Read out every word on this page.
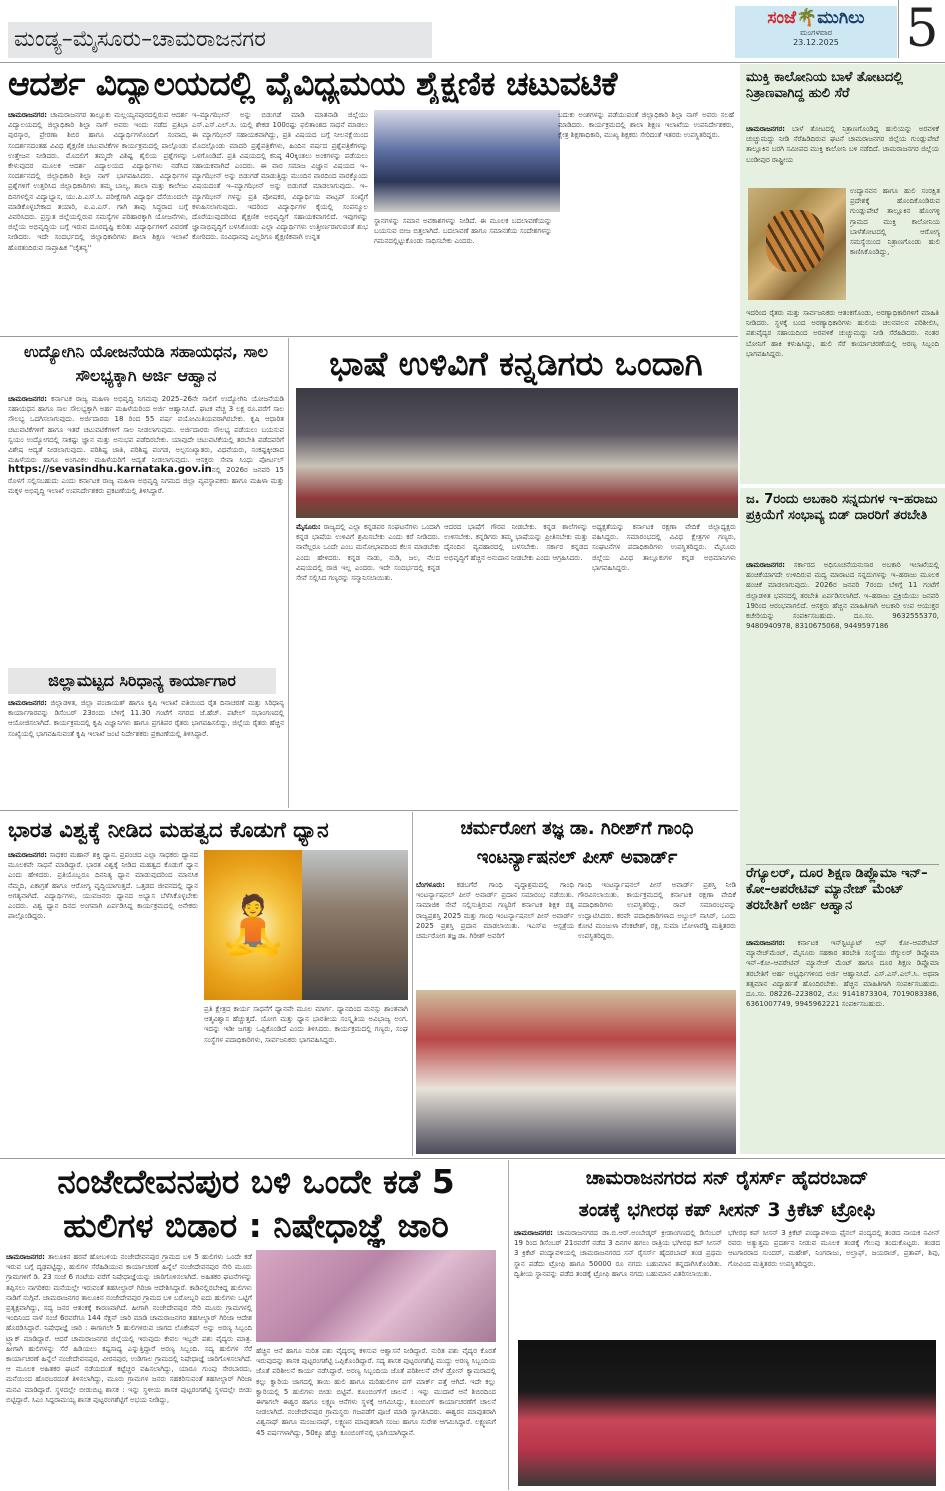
ಮಂಡ್ಯ–ಮೈಸೂರು–ಚಾಮರಾಜನಗರ
ಸಂಜೆ🌴ಮುಗಿಲು
ಮಂಗಳವಾರ
23.12.2025	5
ಆದರ್ಶ ವಿದ್ಯಾಲಯದಲ್ಲಿ ವೈವಿಧ್ಯಮಯ ಶೈಕ್ಷಣಿಕ ಚಟುವಟಿಕೆ
ಚಾಮರಾಜನಗರ: ಚಾಮರಾಜನಗರ ತಾಲ್ಲೂಕು ಮಲ್ಲಯ್ಯನಪುರದಲ್ಲಿರುವ ಆದರ್ಶ ವಿದ್ಯಾಲಯದಲ್ಲಿ ಜಿಲ್ಲಾಧಿಕಾರಿ ಶಿಲ್ಪಾ ನಾಗ್ ಅವರು ಇಂದು ನಡೆದ ಪ್ರತಿಭಾ ಪುರಸ್ಕಾರ, ಪ್ರೇರಣಾ ಶಿಬಿರ ಹಾಗೂ ವಿದ್ಯಾರ್ಥಿಗಳೊಂದಿಗೆ ಸಂವಾದ, ಸಂದರ್ಶನದಂತಹ ವಿವಿಧ ಶೈಕ್ಷಣಿಕ ಚಟುವಟಿಕೆಗಳ ಕಾರ್ಯಕ್ರಮದಲ್ಲಿ ಪಾಲ್ಗೊಂಡು ಉತ್ತೇಜನ ನೀಡಿದರು. ಮೊದಲಿಗೆ ತಮ್ಮದೇ ವಿಶಿಷ್ಟ ಶೈಲಿಯ ಪ್ರಶ್ನೆಗಳನ್ನು ಕೇಳುವುದರ ಮೂಲಕ ಆದರ್ಶ ವಿದ್ಯಾಲಯದ ವಿದ್ಯಾರ್ಥಿಗಳು ನಡೆಸಿದ ಸಂದರ್ಶನದಲ್ಲಿ ಜಿಲ್ಲಾಧಿಕಾರಿ ಶಿಲ್ಪಾ ನಾಗ್ ಭಾಗವಹಿಸಿದರು. ವಿದ್ಯಾರ್ಥಿಗಳ ಪ್ರಶ್ನೆಗಳಿಗೆ ಉತ್ತರಿಸಿದ ಜಿಲ್ಲಾಧಿಕಾರಿಗಳು ತಮ್ಮ ಬಾಲ್ಯ, ಶಾಲಾ ಮತ್ತು ಕಾಲೇಜು ದಿನಗಳಲ್ಲಿನ ವಿದ್ಯಾಭ್ಯಾಸ, ಯು.ಪಿ.ಎಸ್.ಸಿ. ಪರೀಕ್ಷೆಗಾಗಿ ವಿದ್ಯಾರ್ಥಿ ದೆಸೆಯಿಂದಲೇ ಮಾಡಿಕೊಳ್ಳಬೇಕಾದ ತಯಾರಿ, ಐ.ಎ.ಎಸ್. ಗಾಗಿ ತಾವು ಸಿದ್ಧರಾದ ಬಗ್ಗೆ ವಿವರಿಸಿದರು. ಪ್ರಸ್ತುತ ಜಿಲ್ಲೆಯಲ್ಲಿರುವ ಸಮಸ್ಯೆಗಳ ಪರಿಹಾರಕ್ಕಾಗಿ ಯೋಜನೆಗಳು, ಜಿಲ್ಲೆಯ ಅಭಿವೃದ್ಧಿಯ ಬಗ್ಗೆ ಇರುವ ದೂರದೃಷ್ಟಿ ಕುರಿತು ವಿದ್ಯಾರ್ಥಿಗಳಿಗೆ ವಿವರಣೆ ನೀಡಿದರು. ಇದೇ ಸಂದರ್ಭದಲ್ಲಿ ಜಿಲ್ಲಾಧಿಕಾರಿಗಳು ಶಾಲಾ ಶಿಕ್ಷಣ ಇಲಾಖೆ ಹೊರತಂದಿರುವ ಸಾಪ್ತಾಹಿಕ ''ಚೈತನ್ಯ''
ಇ–ಮ್ಯಾಗಝೀನ್ ಅನ್ನು ಬಿಡುಗಡೆ ಮಾಡಿ ಮಾತನಾಡಿ ಜಿಲ್ಲೆಯು ಎಸ್.ಎಸ್.ಎಲ್.ಸಿ. ಯಲ್ಲಿ ಶೇಕಡ 100ರಷ್ಟು ಫಲಿತಾಂಶದ ಸಾಧನೆ ಮಾಡಲು ಈ ಮ್ಯಾಗಝೀನ್ ಸಹಾಯಕವಾಗಿದ್ದು, ಪ್ರತಿ ವಿಷಯದ ಬಗ್ಗೆ ನೀಲನಕ್ಷೆಯಿಂದ ಮೊದಲ್ಗೊಂಡು ಮಾದರಿ ಪ್ರಶ್ನೆಪತ್ರಿಕೆಗಳು, ಹಿಂದಿನ ವರ್ಷದ ಪ್ರಶ್ನೆಪತ್ರಿಕೆಗಳನ್ನು ಒಳಗೊಂಡಿದೆ. ಪ್ರತಿ ವಿಷಯದಲ್ಲಿ ಕನಿಷ್ಠ 40ಕ್ಕಿಂತಲು ಅಂಕಗಳನ್ನು ಪಡೆಯಲು ಸಹಾಯಕವಾಗಿದೆ ಎಂದರು. ಈ ವಾರ ಸಮಾಜ ವಿಜ್ಞಾನ ವಿಷಯದ ಇ–ಮ್ಯಾಗಝೀನ್ ಅನ್ನು ಬಿಡುಗಡೆ ಮಾಡುತ್ತಿದ್ದು ಮುಂದಿನ ವಾರದಿಂದ ವಾರಕ್ಕೊಂದು ವಿಷಯದಂತೆ ಇ–ಮ್ಯಾಗಝೀನ್ ಅನ್ನು ಬಿಡುಗಡೆ ಮಾಡಲಾಗುವುದು. ಇ–ಮ್ಯಾಗಝೀನ್ ಗಳನ್ನು ಪ್ರತಿ ಪೋಷಕರ, ವಿದ್ಯಾರ್ಥಿಯ ವಾಟ್ಸಪ್ ಸಂಖ್ಯೆಗೆ ಕಳುಹಿಸಲಾಗುವುದು. ಇದರಿಂದ ವಿದ್ಯಾರ್ಥಿಗಳ ಕೈಯಲ್ಲಿ ಸಂಪನ್ಮೂಲ ದೊರೆಯುವುದರಿಂದ ಶೈಕ್ಷಣಿಕ ಅಭಿವೃದ್ಧಿಗೆ ಸಹಾಯಕವಾಗಲಿದೆ. ಇವುಗಳನ್ನು ಜ್ಞಾನಾಭಿವೃದ್ಧಿಗೆ ಬಳಸಿಕೊಂಡು ಎಲ್ಲಾ ವಿದ್ಯಾರ್ಥಿಗಳು ಉತ್ತೀರ್ಣರಾಗುವಂತೆ ಶುಭ ಕೋರಿದರು. ಸಂವಿಧಾನವು ಎಲ್ಲರಿಗೂ ಶೈಕ್ಷಣಿಕವಾಗಿ ಉನ್ನತ
ಸ್ಥಾನಗಳನ್ನು ಸಮಾನ ಅವಕಾಶಗಳನ್ನು ನೀಡಿದೆ. ಈ ಮೂಲಕ ಬದಲಾವಣೆಯನ್ನು ಬಯಸುವ ಬೀಜ ಬಿತ್ತಲಾಗಿದೆ. ಬದಲಾವಣೆ ಹಾಗೂ ಸಮಾನತೆಯ ಸಂದೇಶಗಳನ್ನು ಗಮನದಲ್ಲಿಟ್ಟುಕೊಂಡು ಸಾಧಿಸಬೇಕು ಎಂದರು.
ಬದುಕು ಅಂಶಗಳನ್ನು ಪಡೆಯುವಂತೆ ಜಿಲ್ಲಾಧಿಕಾರಿ ಶಿಲ್ಪಾ ನಾಗ್ ಅವರು ಸಲಹೆ ಮಾಡಿದರು. ಕಾರ್ಯಕ್ರಮದಲ್ಲಿ ಶಾಲಾ ಶಿಕ್ಷಣ ಇಲಾಖೆಯ ಉಪನಿರ್ದೇಶಕರು, ಕ್ಷೇತ್ರ ಶಿಕ್ಷಣಾಧಿಕಾರಿ, ಮುಖ್ಯ ಶಿಕ್ಷಕರು ಸೇರಿದಂತೆ ಇತರರು ಉಪಸ್ಥಿತರಿದ್ದರು.
ಮುಕ್ತಿ ಕಾಲೋನಿಯ ಬಾಳೆ ತೋಟದಲ್ಲಿ ನಿತ್ರಾಣವಾಗಿದ್ದ ಹುಲಿ ಸೆರೆ
ಚಾಮರಾಜನಗರ: ಬಾಳೆ ತೋಟದಲ್ಲಿ ನಿತ್ರಾಣಗೊಂಡಿದ್ದ ಹುಲಿಯನ್ನು ಅರವಳಿಕೆ ಚುಚ್ಚುಮದ್ದು ನೀಡಿ ಸೆರೆಹಿಡಿದಿರುವ ಘಟನೆ ಚಾಮರಾಜನಗರ ಜಿಲ್ಲೆಯ ಗುಂಡ್ಲುಪೇಟೆ ತಾಲ್ಲೂಕಿನ ಬರಗಿ ಸಮೀಪದ ಮುಕ್ತಿ ಕಾಲೋನಿ ಬಳಿ ನಡೆದಿದೆ. ಚಾಮರಾಜನಗರ ಜಿಲ್ಲೆಯ ಬಂಡೀಪುರ ರಾಷ್ಟ್ರೀಯ
ಉದ್ಯಾನವನ ಹಾಗೂ ಹುಲಿ ಸಂರಕ್ಷಿತ ಪ್ರದೇಶಕ್ಕೆ ಹೊಂದಿಕೊಂಡಿರುವ ಗುಂಡ್ಲುಪೇಟೆ ತಾಲ್ಲೂಕಿನ ಹೊಂಗಳ್ಳಿ ಗ್ರಾಮದ ಮುಕ್ತಿ ಕಾಲೋನಿಯ ಬಾಳೆತೋಟದಲ್ಲಿ ಆರೋಗ್ಯ ಸಮಸ್ಯೆಯಿಂದ ನಿತ್ರಾಣಗೊಂಡು ಹುಲಿ ಕಾಣಿಸಿಕೊಂಡಿದ್ದು,
ಇದರಿಂದ ರೈತರು ಮತ್ತು ಸಾರ್ವಜನಿಕರು ಆತಂಕಗೊಂಡು, ಅರಣ್ಯಾಧಿಕಾರಿಗಳಿಗೆ ಮಾಹಿತಿ ನೀಡಿದರು. ಸ್ಥಳಕ್ಕೆ ಬಂದ ಅರಣ್ಯಾಧಿಕಾರಿಗಳು ಹುಲಿಯ ಚಲನವಲನ ಪರಿಶೀಲಿಸಿ, ಪಶುವೈದ್ಯರ ಸಹಾಯದಿಂದ ಅರವಳಿಕೆ ಚುಚ್ಚುಮದ್ದು ನೀಡಿ ಸೆರೆಹಿಡಿದರು. ನಂತರ ಬೋನಿಗೆ ಹಾಕಿ ಕಳುಹಿಸಿದ್ದು, ಹುಲಿ ಸೆರೆ ಕಾರ್ಯಾಚರಣೆಯಲ್ಲಿ ಅರಣ್ಯ ಸಿಬ್ಬಂದಿ ಭಾಗವಹಿಸಿದ್ದರು.
ಉದ್ಯೋಗಿನಿ ಯೋಜನೆಯಡಿ ಸಹಾಯಧನ, ಸಾಲ ಸೌಲಭ್ಯಕ್ಕಾಗಿ ಅರ್ಜಿ ಆಹ್ವಾನ
ಚಾಮರಾಜನಗರ: ಕರ್ನಾಟಕ ರಾಜ್ಯ ಮಹಿಳಾ ಅಭಿವೃದ್ಧಿ ನಿಗಮವು 2025–26ನೇ ಸಾಲಿಗೆ ಉದ್ಯೋಗಿನಿ ಯೋಜನೆಯಡಿ ಸಹಾಯಧನ ಹಾಗೂ ಸಾಲ ಸೌಲಭ್ಯಕ್ಕಾಗಿ ಅರ್ಹ ಮಹಿಳೆಯರಿಂದ ಅರ್ಜಿ ಆಹ್ವಾನಿಸಿದೆ. ಘಟಕ ವೆಚ್ಚ 3 ಲಕ್ಷ ರೂ.ವರೆಗೆ ಸಾಲ ಸೌಲಭ್ಯ ಒದಗಿಸಲಾಗುವುದು. ಅರ್ಜಿದಾರರು 18 ರಿಂದ 55 ವರ್ಷ ವಯೋಮಿತಿಯವರಾಗಿರಬೇಕು. ಕೃಷಿ ಆಧಾರಿತ ಚಟುವಟಿಕೆಗಳಿಗೆ ಹಾಗೂ ಇತರೆ ಚಟುವಟಿಕೆಗಳಿಗೆ ಸಾಲ ನೀಡಲಾಗುವುದು. ಅರ್ಜಿದಾರರು ಸೌಲಭ್ಯ ಪಡೆಯಲು ಬಯಸುವ ಸ್ವಯಂ ಉದ್ಯೋಗದಲ್ಲಿ ಸಾಕಷ್ಟು ಜ್ಞಾನ ಮತ್ತು ಅನುಭವ ಪಡೆದಿರಬೇಕು. ಯಾವುದೇ ಚಟುವಟಿಕೆಯಲ್ಲಿ ತರಬೇತಿ ಪಡೆದವರಿಗೆ ವಿಶೇಷ ಆದ್ಯತೆ ನೀಡಲಾಗುವುದು. ಪರಿಶಿಷ್ಟ ಜಾತಿ, ಪರಿಶಿಷ್ಟ ಪಂಗಡ, ಅಲ್ಪಸಂಖ್ಯಾತರು, ವಿಧವೆಯರು, ಸಂಕಷ್ಟಕ್ಕೀಡಾದ ಮಹಿಳೆಯರು ಹಾಗೂ ಅಂಗವಿಕಲ ಮಹಿಳೆಯರಿಗೆ ಆದ್ಯತೆ ನೀಡಲಾಗುವುದು. ಆಸಕ್ತರು ಸೇವಾ ಸಿಂಧು ಪೋರ್ಟಲ್ https://sevasindhu.karnataka.gov.inನಲ್ಲಿ 2026ರ ಜನವರಿ 15 ರೊಳಗೆ ಸಲ್ಲಿಸಬಹುದು ಎಂದು ಕರ್ನಾಟಕ ರಾಜ್ಯ ಮಹಿಳಾ ಅಭಿವೃದ್ಧಿ ನಿಗಮದ ಜಿಲ್ಲಾ ವ್ಯವಸ್ಥಾಪಕರು ಹಾಗೂ ಮಹಿಳಾ ಮತ್ತು ಮಕ್ಕಳ ಅಭಿವೃದ್ಧಿ ಇಲಾಖೆ ಉಪನಿರ್ದೇಶಕರು ಪ್ರಕಟಣೆಯಲ್ಲಿ ತಿಳಿಸಿದ್ದಾರೆ.
ಜಿಲ್ಲಾಮಟ್ಟದ ಸಿರಿಧಾನ್ಯ ಕಾರ್ಯಾಗಾರ
ಚಾಮರಾಜನಗರ: ಜಿಲ್ಲಾಡಳಿತ, ಜಿಲ್ಲಾ ಪಂಚಾಯತ್ ಹಾಗೂ ಕೃಷಿ ಇಲಾಖೆ ವತಿಯಿಂದ ರೈತ ದಿನಾಚರಣೆ ಮತ್ತು ಸಿರಿಧಾನ್ಯ ಕಾರ್ಯಾಗಾರವನ್ನು ಡಿಸೆಂಬರ್ 23ರಂದು ಬೆಳಿಗ್ಗೆ 11.30 ಗಂಟೆಗೆ ನಗರದ ಜೆ.ಹೆಚ್. ಪಟೇಲ್ ಸಭಾಂಗಣದಲ್ಲಿ ಆಯೋಜಿಸಲಾಗಿದೆ. ಕಾರ್ಯಕ್ರಮದಲ್ಲಿ ಕೃಷಿ ವಿಜ್ಞಾನಿಗಳು ಹಾಗೂ ಪ್ರಗತಿಪರ ರೈತರು ಭಾಗವಹಿಸಲಿದ್ದು, ಜಿಲ್ಲೆಯ ರೈತರು ಹೆಚ್ಚಿನ ಸಂಖ್ಯೆಯಲ್ಲಿ ಭಾಗವಹಿಸುವಂತೆ ಕೃಷಿ ಇಲಾಖೆ ಜಂಟಿ ನಿರ್ದೇಶಕರು ಪ್ರಕಟಣೆಯಲ್ಲಿ ತಿಳಿಸಿದ್ದಾರೆ.
ಭಾಷೆ ಉಳಿವಿಗೆ ಕನ್ನಡಿಗರು ಒಂದಾಗಿ
ಮೈಸೂರು: ರಾಜ್ಯದಲ್ಲಿ ಎಲ್ಲಾ ಕನ್ನಡಪರ ಸಂಘಟನೆಗಳು ಒಂದಾಗಿ ಕನ್ನಡ ಭಾಷೆಯ ಉಳಿವಿಗೆ ಶ್ರಮಿಸಬೇಕು ಎಂದು ಕರೆ ನೀಡಿದರು. ನಾವೆಲ್ಲರೂ ಒಂದೇ ಎಂಬ ಮನೋಭಾವದಿಂದ ಕೆಲಸ ಮಾಡಬೇಕು ಎಂದು ಹೇಳಿದರು. ಕನ್ನಡ ನಾಡು, ನುಡಿ, ಜಲ, ನೆಲದ ವಿಷಯದಲ್ಲಿ ರಾಜಿ ಇಲ್ಲ ಎಂದರು. ಇದೇ ಸಂದರ್ಭದಲ್ಲಿ ಕನ್ನಡ ಸೇವೆ ಸಲ್ಲಿಸಿದ ಗಣ್ಯರನ್ನು ಸನ್ಮಾನಿಸಲಾಯಿತು.
ಆದರದ ಭಾಷೆಗೆ ಗೌರವ ನೀಡಬೇಕು. ಕನ್ನಡ ಶಾಲೆಗಳನ್ನು ಉಳಿಸಬೇಕು. ಕನ್ನಡಿಗರು ತಮ್ಮ ಭಾಷೆಯನ್ನು ಪ್ರೀತಿಸಬೇಕು ಮತ್ತು ದೈನಂದಿನ ವ್ಯವಹಾರದಲ್ಲಿ ಬಳಸಬೇಕು. ಸರ್ಕಾರ ಕನ್ನಡದ ಅಭಿವೃದ್ಧಿಗೆ ಹೆಚ್ಚಿನ ಅನುದಾನ ನೀಡಬೇಕು ಎಂದು ಆಗ್ರಹಿಸಿದರು.
ಅಧ್ಯಕ್ಷತೆಯನ್ನು ಕರ್ನಾಟಕ ರಕ್ಷಣಾ ವೇದಿಕೆ ಜಿಲ್ಲಾಧ್ಯಕ್ಷರು ವಹಿಸಿದ್ದರು. ಸಮಾರಂಭದಲ್ಲಿ ವಿವಿಧ ಕ್ಷೇತ್ರಗಳ ಗಣ್ಯರು, ಸಂಘಟನೆಗಳ ಪದಾಧಿಕಾರಿಗಳು ಉಪಸ್ಥಿತರಿದ್ದರು. ಮೈಸೂರು ಜಿಲ್ಲೆಯ ವಿವಿಧ ತಾಲ್ಲೂಕುಗಳ ಕನ್ನಡ ಅಭಿಮಾನಿಗಳು ಭಾಗವಹಿಸಿದ್ದರು.
ಜ. 7ರಂದು ಅಬಕಾರಿ ಸನ್ನದುಗಳ ಇ–ಹರಾಜು ಪ್ರಕ್ರಿಯೆಗೆ ಸಂಭಾವ್ಯ ಬಿಡ್ ದಾರರಿಗೆ ತರಬೇತಿ
ಚಾಮರಾಜನಗರ: ಸರ್ಕಾರದ ಅಧಿಸೂಚನೆಯನುಸಾರ ಅಬಕಾರಿ ಇಲಾಖೆಯಲ್ಲಿ ಹಂಚಿಕೆಯಾಗದೇ ಉಳಿದಿರುವ ಮದ್ಯ ಮಾರಾಟದ ಸನ್ನದುಗಳನ್ನು ಇ–ಹರಾಜು ಮೂಲಕ ಹಂಚಿಕೆ ಮಾಡಲಾಗುವುದು. 2026ರ ಜನವರಿ 7ರಂದು ಬೆಳಿಗ್ಗೆ 11 ಗಂಟೆಗೆ ಜಿಲ್ಲಾಡಳಿತ ಭವನದಲ್ಲಿ ತರಬೇತಿ ಏರ್ಪಡಿಸಲಾಗಿದೆ. ಇ–ಹರಾಜು ಪ್ರಕ್ರಿಯೆಯು ಜನವರಿ 19ರಿಂದ ಆರಂಭವಾಗಲಿದೆ. ಆಸಕ್ತರು ಹೆಚ್ಚಿನ ಮಾಹಿತಿಗಾಗಿ ಅಬಕಾರಿ ಉಪ ಆಯುಕ್ತರ ಕಚೇರಿಯನ್ನು ಸಂಪರ್ಕಿಸಬಹುದು.	ದೂ.ಸಂ. 9632555370, 9480940978, 8310675068, 9449597186
ರೆಗ್ಯೂಲರ್, ದೂರ ಶಿಕ್ಷಣ ಡಿಪ್ಲೊಮಾ ಇನ್–ಕೋ–ಆಪರೇಟಿವ್ ಮ್ಯಾನೇಜ್ ಮೆಂಟ್ ತರಬೇತಿಗೆ ಅರ್ಜಿ ಆಹ್ವಾನ
ಚಾಮರಾಜನಗರ: ಕರ್ನಾಟಕ ಇನ್‌ಸ್ಟಿಟ್ಯೂಟ್ ಆಫ್ ಕೋ–ಆಪರೇಟಿವ್ ಮ್ಯಾನೇಜ್‌ಮೆಂಟ್, ಮೈಸೂರು ಸಹಕಾರ ತರಬೇತಿ ಸಂಸ್ಥೆಯು ರೆಗ್ಯುಲರ್ ಡಿಪ್ಲೊಮಾ ಇನ್–ಕೋ–ಆಪರೇಟಿವ್ ಮ್ಯಾನೇಜ್ ಮೆಂಟ್ ಹಾಗೂ ದೂರ ಶಿಕ್ಷಣ ಡಿಪ್ಲೊಮಾ ತರಬೇತಿಗೆ ಅರ್ಹ ಅಭ್ಯರ್ಥಿಗಳಿಂದ ಅರ್ಜಿ ಆಹ್ವಾನಿಸಿದೆ. ಎಸ್.ಎಸ್.ಎಲ್.ಸಿ. ಅಥವಾ ತತ್ಸಮಾನ ವಿದ್ಯಾರ್ಹತೆ ಹೊಂದಿರಬೇಕು. ಹೆಚ್ಚಿನ ಮಾಹಿತಿಗಾಗಿ ಸಂಪರ್ಕಿಸಬಹುದು. ದೂ.ಸಂ. 08226–223802, ಮೊ: 9141873304, 7019083386, 6361007749, 9945962221 ಸಂಪರ್ಕಿಸಬಹುದು.
ಭಾರತ ವಿಶ್ವಕ್ಕೆ ನೀಡಿದ ಮಹತ್ವದ ಕೊಡುಗೆ ಧ್ಯಾನ
ಚಾಮರಾಜನಗರ: ಸಾಧಕರ ಮಹಾನ್ ಶಕ್ತಿ ಧ್ಯಾನ. ಪ್ರಪಂಚದ ಎಲ್ಲಾ ಸಾಧಕರು ಧ್ಯಾನದ ಮೂಲಕವೇ ಸಾಧನೆ ಮಾಡಿದ್ದಾರೆ. ಭಾರತ ವಿಶ್ವಕ್ಕೆ ನೀಡಿದ ಮಹತ್ವದ ಕೊಡುಗೆ ಧ್ಯಾನ ಎಂದು ಹೇಳಿದರು. ಪ್ರತಿಯೊಬ್ಬರೂ ದಿನನಿತ್ಯ ಧ್ಯಾನ ಮಾಡುವುದರಿಂದ ಮಾನಸಿಕ ನೆಮ್ಮದಿ, ಏಕಾಗ್ರತೆ ಹಾಗೂ ಆರೋಗ್ಯ ವೃದ್ಧಿಯಾಗುತ್ತದೆ. ಒತ್ತಡದ ಜೀವನದಲ್ಲಿ ಧ್ಯಾನ ಅಗತ್ಯವಾಗಿದೆ. ವಿದ್ಯಾರ್ಥಿಗಳು, ಯುವಜನರು ಧ್ಯಾನದ ಅಭ್ಯಾಸ ಬೆಳೆಸಿಕೊಳ್ಳಬೇಕು ಎಂದರು. ವಿಶ್ವ ಧ್ಯಾನ ದಿನದ ಅಂಗವಾಗಿ ಏರ್ಪಡಿಸಿದ್ದ ಕಾರ್ಯಕ್ರಮದಲ್ಲಿ ಅನೇಕರು ಪಾಲ್ಗೊಂಡಿದ್ದರು.	🧘
ಪ್ರತಿ ಕ್ಷೇತ್ರದ ಕಾರ್ಯ ಸಾಧನೆಗೆ ಧ್ಯಾನವೇ ಮೂಲ ಮಾರ್ಗ. ಧ್ಯಾನದಿಂದ ಮನಸ್ಸು ಶಾಂತವಾಗಿ ಆತ್ಮವಿಶ್ವಾಸ ಹೆಚ್ಚುತ್ತದೆ. ಯೋಗ ಮತ್ತು ಧ್ಯಾನ ಭಾರತೀಯ ಸಂಸ್ಕೃತಿಯ ಅವಿಭಾಜ್ಯ ಅಂಗ. ಇದನ್ನು ಇಡೀ ಜಗತ್ತು ಒಪ್ಪಿಕೊಂಡಿದೆ ಎಂದು ತಿಳಿಸಿದರು. ಕಾರ್ಯಕ್ರಮದಲ್ಲಿ ಗಣ್ಯರು, ಸಂಘ ಸಂಸ್ಥೆಗಳ ಪದಾಧಿಕಾರಿಗಳು, ಸಾರ್ವಜನಿಕರು ಭಾಗವಹಿಸಿದ್ದರು.
ಚರ್ಮರೋಗ ತಜ್ಞ ಡಾ. ಗಿರೀಶ್‌ಗೆ ಗಾಂಧಿ ಇಂಟರ್ನ್ಯಾಷನಲ್ ಪೀಸ್ ಅವಾರ್ಡ್
ಬೆಂಗಳೂರು: ಕಡಬಗೆರೆ ಗಾಂಧಿ ವೃದ್ಧಾಶ್ರಮದಲ್ಲಿ ಗಾಂಧಿ ಇಂಟರ್ನ್ಯಾಷನಲ್ ಪೀಸ್ ಅವಾರ್ಡ್ ಪ್ರದಾನ ಸಮಾರಂಭ ನಡೆಯಿತು. ಸಾಮಾಜಿಕ ಸೇವೆ ಸಲ್ಲಿಸುತ್ತಿರುವ ಗಣ್ಯರಿಗೆ ಕರ್ನಾಟಕ ಶಿಕ್ಷಕ ರತ್ನ ರಾಜ್ಯಪ್ರಶಸ್ತಿ 2025 ಮತ್ತು ಗಾಂಧಿ ಇಂಟರ್ನ್ಯಾಷನಲ್ ಪೀಸ್ ಅವಾರ್ಡ್ 2025 ಪ್ರಶಸ್ತಿ ಪ್ರದಾನ ಮಾಡಲಾಯಿತು. ಇಎಸ್‌ಐ ಆಸ್ಪತ್ರೆಯ ಚರ್ಮರೋಗ ತಜ್ಞ ಡಾ. ಗಿರೀಶ್ ಅವರಿಗೆ
ಗಾಂಧಿ ಇಂಟರ್ನ್ಯಾಷನಲ್ ಪೀಸ್ ಅವಾರ್ಡ್ ಪ್ರಶಸ್ತಿ ನೀಡಿ ಗೌರವಿಸಲಾಯಿತು. ಕಾರ್ಯಕ್ರಮದಲ್ಲಿ ಕರ್ನಾಟಕ ರಕ್ಷಣಾ ವೇದಿಕೆ ಪದಾಧಿಕಾರಿಗಳು ಉಪಸ್ಥಿತರಿದ್ದು, ರಾವ್ ಸಮಾರಂಭವನ್ನು ಉದ್ಘಾಟಿಸಿದರು. ಕರವೇ ಪದಾಧಿಕಾರಿಗಳಾದ ಅಬ್ದುಲ್ ನಾಸಿರ್, ಒಂದು ಕೋಟಿ ಮಂಜುಳಾ ವೆಂಕಟೇಶ್, ರಕ್ಷ, ಸುಮಾ ಬೋಳಾರೆಡ್ಡಿ ಮತ್ತಿತರರು ಉಪಸ್ಥಿತರಿದ್ದರು.
ನಂಜೇದೇವನಪುರ ಬಳಿ ಒಂದೇ ಕಡೆ 5
ಹುಲಿಗಳ ಬಿಡಾರ : ನಿಷೇಧಾಜ್ಞೆ ಜಾರಿ
ಚಾಮರಾಜನಗರ: ತಾಲೂಕಿನ ಹರವೆ ಹೋಬಳಿಯ ನಂಜೇದೇವನಪುರ ಗ್ರಾಮದ ಬಳಿ 5 ಹುಲಿಗಳು ಒಂದೇ ಕಡೆ ಇರುವ ಬಗ್ಗೆ ದೃಢಪಟ್ಟಿದ್ದು, ಹುಲಿಗಳ ಸೆರೆಹಿಡಿಯುವ ಕಾರ್ಯಾಚರಣೆ ಹಿನ್ನೆಲೆ ನಂಜೇದೇವನಪುರ ಸೇರಿ ಮೂರು ಗ್ರಾಮಗಳಿಗೆ ಡಿ. 23 ಸಂಜೆ 6 ಗಂಟೆಯ ವರೆಗೆ ನಿಷೇಧಾಜ್ಞೆಯನ್ನು ಜಾರಿಗೊಳಿಸಲಾಗಿದೆ. ಅಹಿತಕರ ಘಟನೆಗಳನ್ನು ತಪ್ಪಿಸಲು ನಾಗರಿಕರು ಮನೆಯಲ್ಲೇ ಇರುವಂತೆ ತಹಸೀಲ್ದಾರ್ ಗಿರಿಜಾ ಆದೇಶಿಸಿದ್ದಾರೆ. ಕಾಡಿನಲ್ಲಿರಬೇಕಿದ್ದ ಹುಲಿಗಳು ನಾಡಿಗೆ ನುಗ್ಗಿವೆ. ಚಾಮರಾಜನಗರ ತಾಲೂಕಿನ ನಂಜೇದೇವಪುರ ಗ್ರಾಮದ ಬಳಿ ಬರೋಬ್ಬರಿ ಐದು ಹುಲಿಗಳು ಒಟ್ಟಿಗೆ ಪ್ರತ್ಯಕ್ಷವಾಗಿದ್ದು, ಸದ್ಯ ಜನರ ಆತಂಕಕ್ಕೆ ಕಾರಣವಾಗಿದೆ. ಹೀಗಾಗಿ ನಂಜೇದೇವಪುರ ಸೇರಿ ಮೂರು ಗ್ರಾಮಗಳಲ್ಲಿ ಇಂದಿನಿಂದ ನಾಳೆ ಸಂಜೆ 6ರವರೆಗೂ 144 ಸೆಕ್ಷನ್ ಜಾರಿ ಮಾಡಿ ಚಾಮರಾಜನಗರ ತಹಸೀಲ್ದಾರ್ ಗಿರಿಜಾ ಆದೇಶ ಹೊರಡಿಸಿದ್ದಾರೆ. ನಿಷೇಧಾಜ್ಞೆ ಜಾರಿ : ಈಗಾಗಲೇ 5 ಹುಲಿಗಳಿರುವ ಜಾಗದ ಲೊಕೇಷನ್ ಅನ್ನು ಅರಣ್ಯ ಸಿಬ್ಬಂದಿ ಟ್ರ್ಯಾಕ್ ಮಾಡಿದ್ದಾರೆ. ಆದರೆ ಚಾಮರಾಜನಗರ ಜಿಲ್ಲೆಯಲ್ಲಿ ಇರುವುದು ಕೇವಲ ಇಬ್ಬರೇ ಪಶು ವೈದ್ಯರು ಮಾತ್ರ. ಹೀಗಾಗಿ ಹುಲಿಗಳನ್ನು ಸೆರೆ ಹಿಡಿಯಲು ಕಷ್ಟಸಾಧ್ಯ ಎನ್ನುತ್ತಿದ್ದಾರೆ ಅರಣ್ಯ ಸಿಬ್ಬಂದಿ. ಸದ್ಯ ಹುಲಿಗಳ ಸೆರೆ ಕಾರ್ಯಾಚರಣೆ ಹಿನ್ನೆಲೆ ನಂಜೇದೇವನಪುರ, ವೀರನಪುರ, ಉಡಿಗಾಲ ಗ್ರಾಮದಲ್ಲಿ ನಿಷೇಧಾಜ್ಞೆ ಜಾರಿಗೊಳಿಸಲಾಗಿದೆ. ಆ ಮೂಲಕ ಅಹಿತಕರ ಘಟನೆ ನಡೆಯದಂತೆ ಕಟ್ಟೆಚ್ಚರ ವಹಿಸಲಾಗಿದ್ದು, ಯಾರೂ ಗುಂಪು ಸೇರಬಾರದು, ಮನೆಯಿಂದ ಹೊರಬರದಂತೆ ತಿಳಿಸಲಾಗಿದ್ದು, ಮೂರು ಗ್ರಾಮಗಳ ಜನರು ಸಹಕರಿಸುವಂತೆ ತಹಸೀಲ್ದಾರ್ ಗಿರಿಜಾ ಮನವಿ ಮಾಡಿದ್ದಾರೆ. ಸ್ಥಳದಲ್ಲೇ ಬೀಡುಬಿಟ್ಟ ಶಾಸಕ : ಇನ್ನು ಸ್ಥಳೀಯ ಶಾಸಕ ಪುಟ್ಟರಂಗಶೆಟ್ಟಿ ಸ್ಥಳದಲ್ಲೇ ಬೀಡು ಬಿಟ್ಟಿದ್ದಾರೆ. ಸಿಎಂ ಸಿದ್ದರಾಮಯ್ಯ ಶಾಸಕ ಪುಟ್ಟರಂಗಶೆಟ್ಟಿಗೆ ಅಭಯ ನೀಡಿದ್ದು,
ಹೆಚ್ಚಿನ ಆನೆ ಹಾಗೂ ನುರಿತ ಪಶು ವೈದ್ಯರನ್ನ ಕಳಿಸುವ ಆಶ್ವಾಸನೆ ನೀಡಿದ್ದಾರೆ. ನುರಿತ ಪಶು ವೈದ್ಯರ ಕೊರತೆ ಇರುವುದನ್ನು ಶಾಸಕ ಪುಟ್ಟರಂಗಶೆಟ್ಟಿ ಒಪ್ಪಿಕೊಂಡಿದ್ದಾರೆ. ಸದ್ಯ ಶಾಸಕ ಪುಟ್ಟರಂಗಶೆಟ್ಟಿ ಮುದ್ದು ಅರಣ್ಯ ಸಿಬ್ಬಂದಿಯ ಜೊತೆ ಪರಿಶೀಲನೆ ಕಾರ್ಯ ನಡೆಸಿದ್ದಾರೆ. ಅರಣ್ಯ ಸಿಬ್ಬಂದಿಯ ಜೊತೆ ಪರಿಶೀಲನೆ ವೇಳೆ ಡ್ರೋನ್ ಕ್ಯಾಮರಾದಲ್ಲಿ ಕಲ್ಲು ಕ್ವಾರಿಯ ಜಾಗದಲ್ಲಿ ತಾಯಿ ಹುಲಿ ಹಾಗೂ ಮರಿಹುಲಿಗಳ ಪಗ್ ಮಾರ್ಕ್ ಪತ್ತೆ ಆಗಿದೆ. ಇದೇ ಕಲ್ಲು ಕ್ವಾರಿಯಲ್ಲಿ 5 ಹುಲಿಗಳು ಬೀಡು ಬಿಟ್ಟಿವೆ. ಕೂಂಬಿಂಗ್‌ಗೆ ಚಾಲನೆ : ಇನ್ನು ಮುದಾರೆ ಆನೆ ಶಿಬಿರದಿಂದ ಈಗಾಗಲೇ ಈಶ್ವರ ಹಾಗೂ ಲಕ್ಷ್ಮಣ ಆನೆಗಳು ಸ್ಥಳಕ್ಕೆ ಆಗಮಿಸಿದ್ದು, ಕೂಂಬಿಂಗ್ ಕಾರ್ಯಾಚರಣೆಗೆ ಚಾಲನೆ ನೀಡಲಾಗಿದೆ. ನಂಜೇದೇವಪುರ ಗ್ರಾಮಸ್ಥರು ಗಜಪಡೆಗೆ ಪೂಜೆ ಮಾಡಿ ಸ್ವಾಗತಿಸಿದರು. ಈಶ್ವರನ ಮಾವುತರಾಗಿ ವಿಶ್ವನಾಥ್ ಹಾಗೂ ಮಂಜುನಾಥ್, ಲಕ್ಷ್ಮಣನ ಮಾವುತರಾಗಿ ಸಂಜು ಹಾಗೂ ಸುರೇಶ ಆಗಮಿಸಿದ್ದಾರೆ. ಲಕ್ಷ್ಮಣನಿಗೆ 45 ವರ್ಷಗಳಾಗಿದ್ದು, 50ಕ್ಕೂ ಹೆಚ್ಚು ಕೂಂಬಿಂಗ್‌ನಲ್ಲಿ ಭಾಗಿಯಾಗಿದ್ದಾನೆ.
ಚಾಮರಾಜನಗರದ ಸನ್ ರೈಸರ್ಸ್ ಹೈದರಬಾದ್
ತಂಡಕ್ಕೆ ಭಗೀರಥ ಕಪ್ ಸೀಸನ್ 3 ಕ್ರಿಕೆಟ್ ಟ್ರೋಫಿ
ಚಾಮರಾಜನಗರ: ಚಾಮರಾಜನಗರದ ಡಾ.ಬಿ.ಆರ್.ಅಂಬೇಡ್ಕರ್ ಕ್ರೀಡಾಂಗಣದಲ್ಲಿ ಡಿಸೆಂಬರ್ 19 ರಿಂದ ಡಿಸೆಂಬರ್ 21ರವರೆಗೆ ನಡೆದ 3 ದಿನಗಳ ಹಗಲು ರಾತ್ರಿಯ ಭಗೀರಥ ಕಪ್ ಸೀಸನ್ 3 ಕ್ರಿಕೆಟ್ ಪಂದ್ಯಾವಳಿಯಲ್ಲಿ ಚಾಮರಾಜನಗರದ ಸನ್ ರೈಸರ್ಸ್ ಹೈದರಬಾದ್ ತಂಡ ಪ್ರಥಮ ಸ್ಥಾನ ಪಡೆದು ಟ್ರೋಫಿ ಹಾಗೂ 50000 ರೂ ನಗದು ಬಹುಮಾನ ತನ್ನದಾಗಿಸಿಕೊಂಡಿತು. ದ್ವಿತೀಯ ಸ್ಥಾನವನ್ನು ಪಡೆದ ತಂಡಕ್ಕೆ ಟ್ರೋಫಿ ಹಾಗೂ ನಗದು ಬಹುಮಾನ ವಿತರಿಸಲಾಯಿತು.
ಭಗೀರಥ ಕಪ್ ಸೀಸನ್ 3 ಕ್ರಿಕೆಟ್ ಪಂದ್ಯಾವಳಿಯ ಫೈನಲ್ ಪಂದ್ಯದಲ್ಲಿ ತಂಡದ ನಾಯಕ ನವೀನ್ ರವರು ಅತ್ಯುತ್ತಮ ಪ್ರದರ್ಶನ ನೀಡುವ ಮೂಲಕ ತಂಡಕ್ಕೆ ಗೆಲುವು ತಂದುಕೊಟ್ಟರು. ತಂಡದ ಆಟಗಾರರಾದ ಸುಂದರ್, ಮಹೇಶ್, ನಿಂಗರಾಜು, ಅಲ್ತಾಫ್, ಜಯರಾಜ್, ಪ್ರತಾಪ್, ಶಿವು, ಗೋವಿಂದ ಮತ್ತಿತರರು ಉಪಸ್ಥಿತರಿದ್ದರು.
